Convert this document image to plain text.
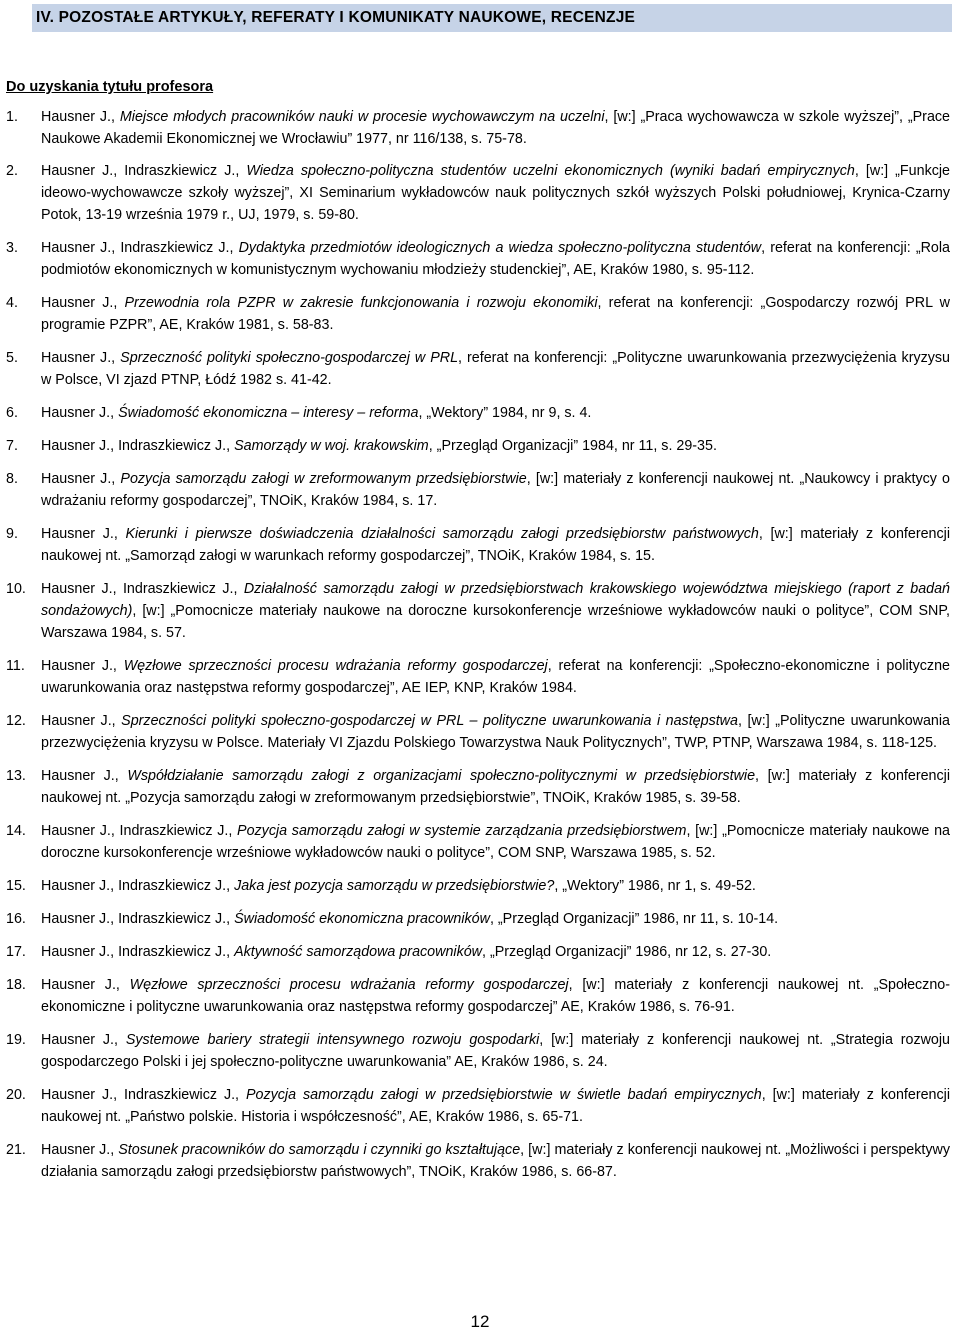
IV. POZOSTAŁE ARTYKUŁY, REFERATY I KOMUNIKATY NAUKOWE, RECENZJE
Do uzyskania tytułu profesora
1.	Hausner J., Miejsce młodych pracowników nauki w procesie wychowawczym na uczelni, [w:] „Praca wychowawcza w szkole wyższej”, „Prace Naukowe Akademii Ekonomicznej we Wrocławiu” 1977, nr 116/138, s. 75-78.
2.	Hausner J., Indraszkiewicz J., Wiedza społeczno-polityczna studentów uczelni ekonomicznych (wyniki badań empirycznych, [w:] „Funkcje ideowo-wychowawcze szkoły wyższej”, XI Seminarium wykładowców nauk politycznych szkół wyższych Polski południowej, Krynica-Czarny Potok, 13-19 września 1979 r., UJ, 1979, s. 59-80.
3.	Hausner J., Indraszkiewicz J., Dydaktyka przedmiotów ideologicznych a wiedza społeczno-polityczna studentów, referat na konferencji: „Rola podmiotów ekonomicznych w komunistycznym wychowaniu młodzieży studenckiej”, AE, Kraków 1980, s. 95-112.
4.	Hausner J., Przewodnia rola PZPR w zakresie funkcjonowania i rozwoju ekonomiki, referat na konferencji: „Gospodarczy rozwój PRL w programie PZPR”, AE, Kraków 1981, s. 58-83.
5.	Hausner J., Sprzeczność polityki społeczno-gospodarczej w PRL, referat na konferencji: „Polityczne uwarunkowania przezwyciężenia kryzysu w Polsce, VI zjazd PTNP, Łódź 1982 s. 41-42.
6.	Hausner J., Świadomość ekonomiczna – interesy – reforma, „Wektory” 1984, nr 9, s. 4.
7.	Hausner J., Indraszkiewicz J., Samorządy w woj. krakowskim, „Przegląd Organizacji” 1984, nr 11, s. 29-35.
8.	Hausner J., Pozycja samorządu załogi w zreformowanym przedsiębiorstwie, [w:] materiały z konferencji naukowej nt. „Naukowcy i praktycy o wdrażaniu reformy gospodarczej”, TNOiK, Kraków 1984, s. 17.
9.	Hausner J., Kierunki i pierwsze doświadczenia działalności samorządu załogi przedsiębiorstw państwowych, [w:] materiały z konferencji naukowej nt. „Samorząd załogi w warunkach reformy gospodarczej”, TNOiK, Kraków 1984, s. 15.
10.	Hausner J., Indraszkiewicz J., Działalność samorządu załogi w przedsiębiorstwach krakowskiego województwa miejskiego (raport z badań sondażowych), [w:] „Pomocnicze materiały naukowe na doroczne kursokonferencje wrześniowe wykładowców nauki o polityce”, COM SNP, Warszawa 1984, s. 57.
11.	Hausner J., Węzłowe sprzeczności procesu wdrażania reformy gospodarczej, referat na konferencji: „Społeczno-ekonomiczne i polityczne uwarunkowania oraz następstwa reformy gospodarczej”, AE IEP, KNP, Kraków 1984.
12.	Hausner J., Sprzeczności polityki społeczno-gospodarczej w PRL – polityczne uwarunkowania i następstwa, [w:] „Polityczne uwarunkowania przezwyciężenia kryzysu w Polsce. Materiały VI Zjazdu Polskiego Towarzystwa Nauk Politycznych”, TWP, PTNP, Warszawa 1984, s. 118-125.
13.	Hausner J., Współdziałanie samorządu załogi z organizacjami społeczno-politycznymi w przedsiębiorstwie, [w:] materiały z konferencji naukowej nt. „Pozycja samorządu załogi w zreformowanym przedsiębiorstwie”, TNOiK, Kraków 1985, s. 39-58.
14.	Hausner J., Indraszkiewicz J., Pozycja samorządu załogi w systemie zarządzania przedsiębiorstwem, [w:] „Pomocnicze materiały naukowe na doroczne kursokonferencje wrześniowe wykładowców nauki o polityce”, COM SNP, Warszawa 1985, s. 52.
15.	Hausner J., Indraszkiewicz J., Jaka jest pozycja samorządu w przedsiębiorstwie?, „Wektory” 1986, nr 1, s. 49-52.
16.	Hausner J., Indraszkiewicz J., Świadomość ekonomiczna pracowników, „Przegląd Organizacji” 1986, nr 11, s. 10-14.
17.	Hausner J., Indraszkiewicz J., Aktywność samorządowa pracowników, „Przegląd Organizacji” 1986, nr 12, s. 27-30.
18.	Hausner J., Węzłowe sprzeczności procesu wdrażania reformy gospodarczej, [w:] materiały z konferencji naukowej nt. „Społeczno-ekonomiczne i polityczne uwarunkowania oraz następstwa reformy gospodarczej” AE, Kraków 1986, s. 76-91.
19.	Hausner J., Systemowe bariery strategii intensywnego rozwoju gospodarki, [w:] materiały z konferencji naukowej nt. „Strategia rozwoju gospodarczego Polski i jej społeczno-polityczne uwarunkowania” AE, Kraków 1986, s. 24.
20.	Hausner J., Indraszkiewicz J., Pozycja samorządu załogi w przedsiębiorstwie w świetle badań empirycznych, [w:] materiały z konferencji naukowej nt. „Państwo polskie. Historia i współczesność”, AE, Kraków 1986, s. 65-71.
21.	Hausner J., Stosunek pracowników do samorządu i czynniki go kształtujące, [w:] materiały z konferencji naukowej nt. „Możliwości i perspektywy działania samorządu załogi przedsiębiorstw państwowych”, TNOiK, Kraków 1986, s. 66-87.
12
